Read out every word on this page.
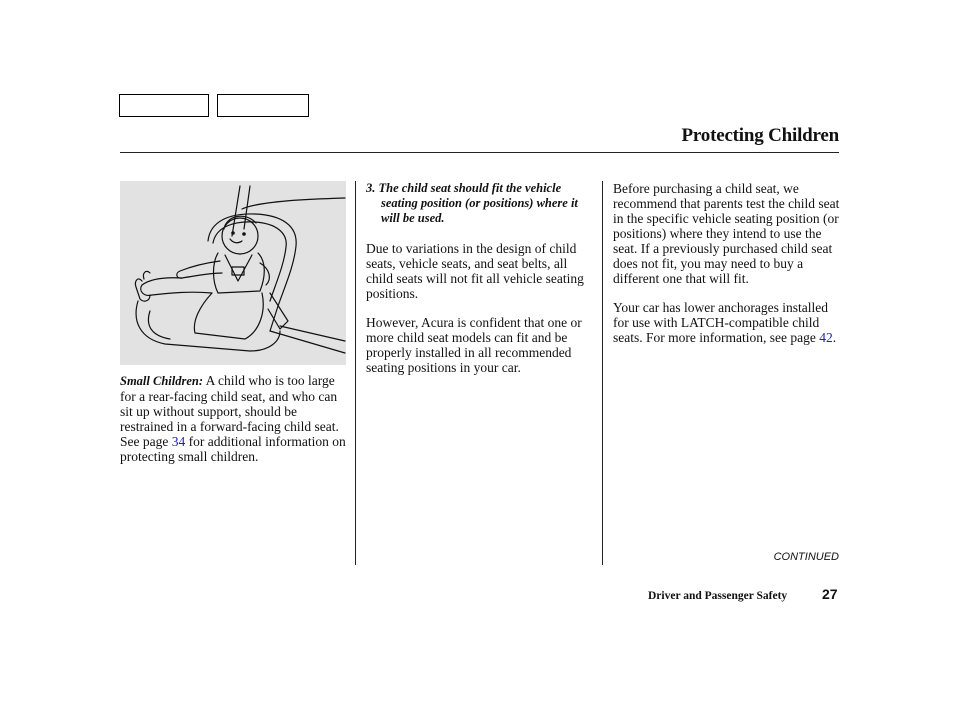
Protecting Children

Small Children: A child who is too large for a rear-facing child seat, and who can sit up without support, should be restrained in a forward-facing child seat. See page 34 for additional information on protecting small children.

3. The child seat should fit the vehicle seating position (or positions) where it will be used.

Due to variations in the design of child seats, vehicle seats, and seat belts, all child seats will not fit all vehicle seating positions.

However, Acura is confident that one or more child seat models can fit and be properly installed in all recommended seating positions in your car.

Before purchasing a child seat, we recommend that parents test the child seat in the specific vehicle seating position (or positions) where they intend to use the seat. If a previously purchased child seat does not fit, you may need to buy a different one that will fit.

Your car has lower anchorages installed for use with LATCH-compatible child seats. For more information, see page 42.

CONTINUED
Driver and Passenger Safety 27
